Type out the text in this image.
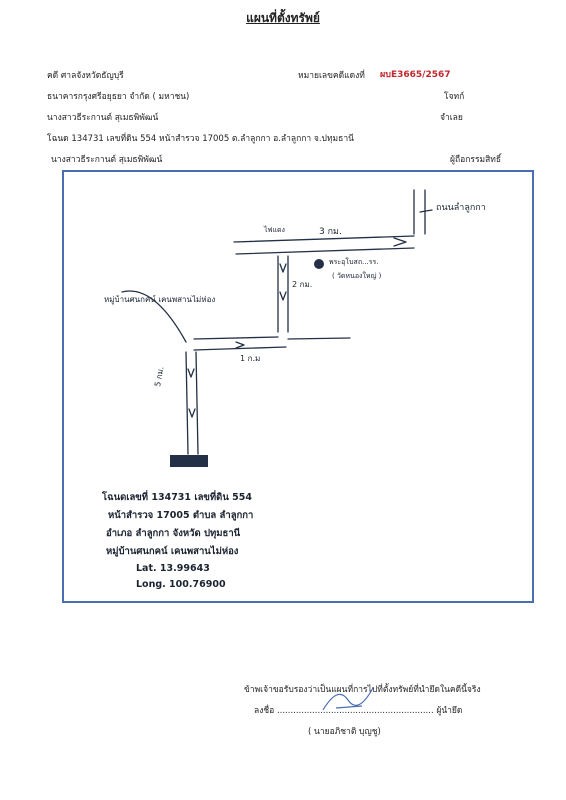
แผนที่ตั้งทรัพย์
คดี ศาลจังหวัดธัญบุรี	หมายเลขคดีแดงที่ ผบE3665/2567
ธนาคารกรุงศรีอยุธยา จำกัด ( มหาชน)	โจทก์
นางสาวธีระกานต์ สุเมธพิพัฒน์	จำเลย
โฉนด 134731 เลขที่ดิน 554 หน้าสำรวจ 17005 ต.ลำลูกกา อ.ลำลูกกา จ.ปทุมธานี
นางสาวธีระกานต์ สุเมธพิพัฒน์	ผู้ถือกรรมสิทธิ์
ถนนลำลูกกา
3 กม.
ไฟแดง
พระอุโบสถ...รร.
( วัดหนองใหญ่ )
2 กม.
หมู่บ้านศนกคน์ เคนพสานไม่ห่อง
1 ก.ม
5 กม.
โฉนดเลขที่ 134731 เลขที่ดิน 554
หน้าสำรวจ 17005 ตำบล ลำลูกกา
อำเภอ ลำลูกกา จังหวัด ปทุมธานี
หมู่บ้านศนกคน์ เคนพสานไม่ห่อง
Lat. 13.99643
Long. 100.76900
ข้าพเจ้าขอรับรองว่าเป็นแผนที่การไปที่ตั้งทรัพย์ที่นำยึดในคดีนี้จริง
ลงชื่อ .......................................................... ผู้นำยึด
( นายอภิชาติ บุญชู)
